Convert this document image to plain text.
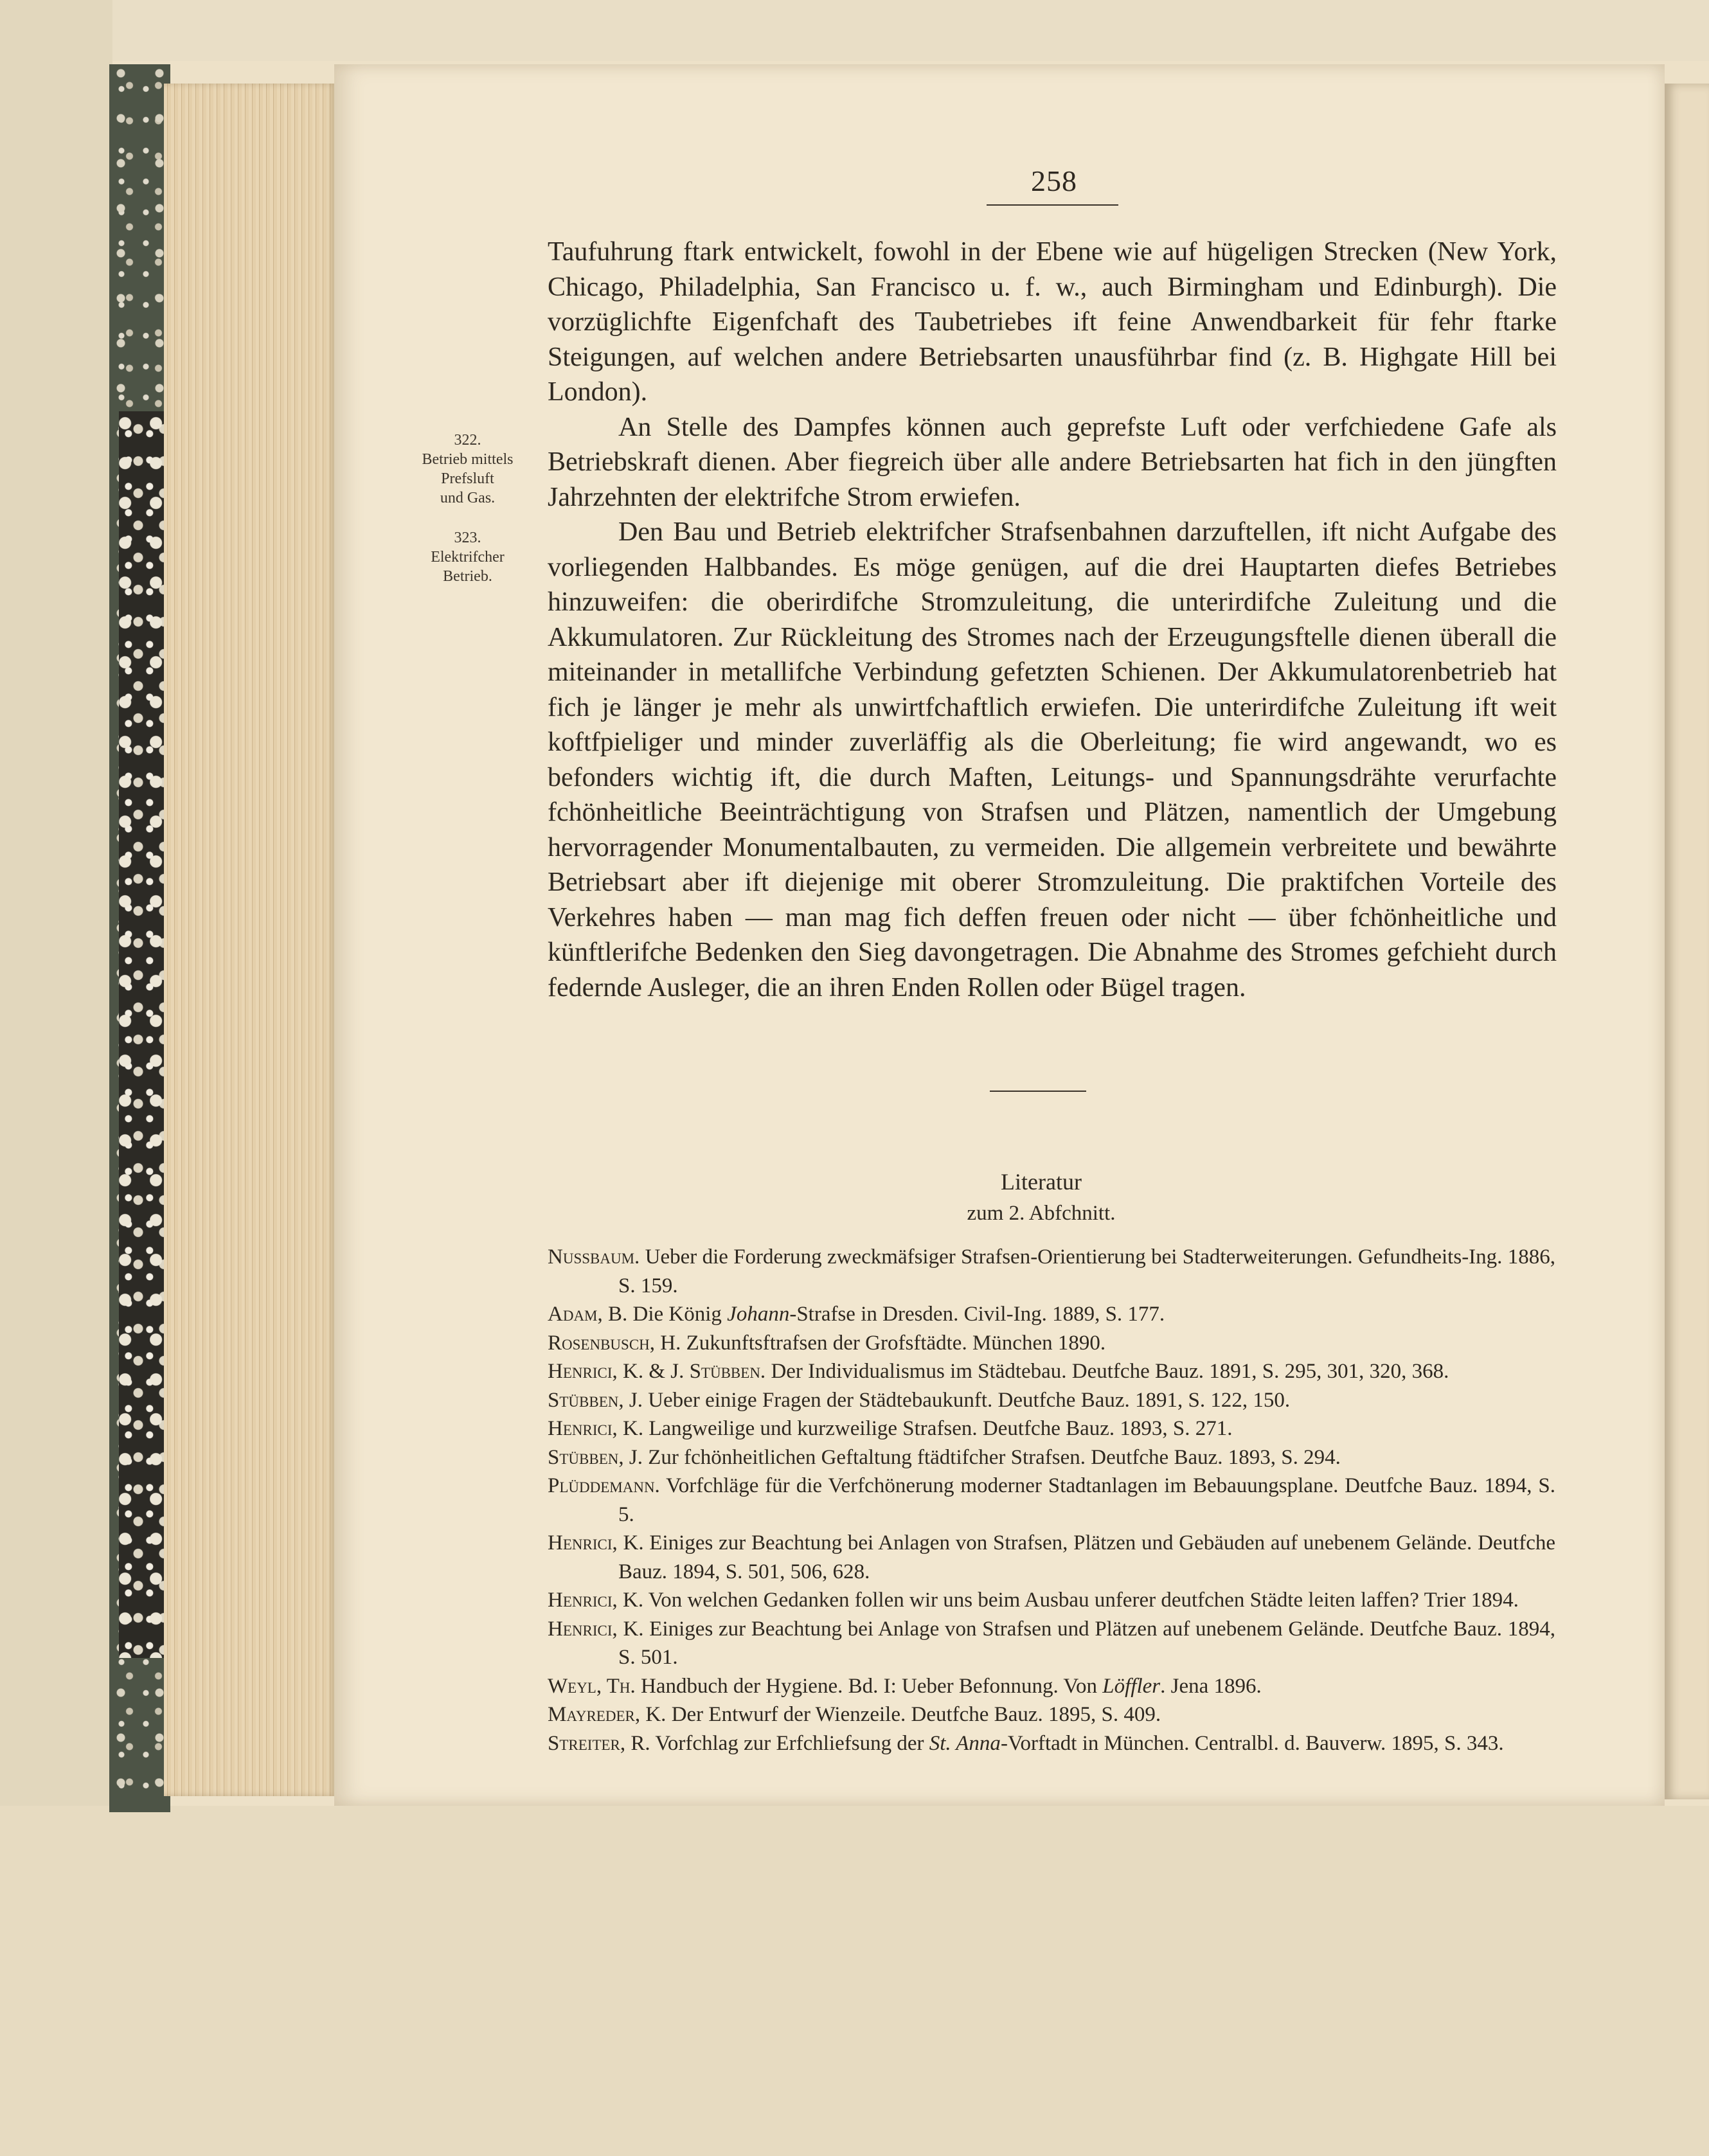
258
322.
Betrieb mittels
Prefsluft
und Gas.
323.
Elektrifcher
Betrieb.

Taufuhrung ftark entwickelt, fowohl in der Ebene wie auf hügeligen Strecken (New York, Chicago, Philadelphia, San Francisco u. f. w., auch Birmingham und Edinburgh). Die vorzüglichfte Eigenfchaft des Taubetriebes ift feine Anwendbarkeit für fehr ftarke Steigungen, auf welchen andere Betriebsarten unausführbar find (z. B. Highgate Hill bei London).

An Stelle des Dampfes können auch geprefste Luft oder verfchiedene Gafe als Betriebskraft dienen. Aber fiegreich über alle andere Betriebsarten hat fich in den jüngften Jahrzehnten der elektrifche Strom erwiefen.

Den Bau und Betrieb elektrifcher Strafsenbahnen darzuftellen, ift nicht Aufgabe des vorliegenden Halbbandes. Es möge genügen, auf die drei Hauptarten diefes Betriebes hinzuweifen: die oberirdifche Stromzuleitung, die unterirdifche Zuleitung und die Akkumulatoren. Zur Rückleitung des Stromes nach der Erzeugungsftelle dienen überall die miteinander in metallifche Verbindung gefetzten Schienen. Der Akkumulatorenbetrieb hat fich je länger je mehr als unwirtfchaftlich erwiefen. Die unterirdifche Zuleitung ift weit koftfpieliger und minder zuverläffig als die Oberleitung; fie wird angewandt, wo es befonders wichtig ift, die durch Maften, Leitungs- und Spannungsdrähte verurfachte fchönheitliche Beeinträchtigung von Strafsen und Plätzen, namentlich der Umgebung hervorragender Monumentalbauten, zu vermeiden. Die allgemein verbreitete und bewährte Betriebsart aber ift diejenige mit oberer Stromzuleitung. Die praktifchen Vorteile des Verkehres haben — man mag fich deffen freuen oder nicht — über fchönheitliche und künftlerifche Bedenken den Sieg davongetragen. Die Abnahme des Stromes gefchieht durch federnde Ausleger, die an ihren Enden Rollen oder Bügel tragen.

Literatur
zum 2. Abfchnitt.
Nussbaum. Ueber die Forderung zweckmäfsiger Strafsen-Orientierung bei Stadterweiterungen. Gefundheits-Ing. 1886, S. 159.
Adam, B. Die König Johann-Strafse in Dresden. Civil-Ing. 1889, S. 177.
Rosenbusch, H. Zukunftsftrafsen der Grofsftädte. München 1890.
Henrici, K. & J. Stübben. Der Individualismus im Städtebau. Deutfche Bauz. 1891, S. 295, 301, 320, 368.
Stübben, J. Ueber einige Fragen der Städtebaukunft. Deutfche Bauz. 1891, S. 122, 150.
Henrici, K. Langweilige und kurzweilige Strafsen. Deutfche Bauz. 1893, S. 271.
Stübben, J. Zur fchönheitlichen Geftaltung ftädtifcher Strafsen. Deutfche Bauz. 1893, S. 294.
Plüddemann. Vorfchläge für die Verfchönerung moderner Stadtanlagen im Bebauungsplane. Deutfche Bauz. 1894, S. 5.
Henrici, K. Einiges zur Beachtung bei Anlagen von Strafsen, Plätzen und Gebäuden auf unebenem Gelände. Deutfche Bauz. 1894, S. 501, 506, 628.
Henrici, K. Von welchen Gedanken follen wir uns beim Ausbau unferer deutfchen Städte leiten laffen? Trier 1894.
Henrici, K. Einiges zur Beachtung bei Anlage von Strafsen und Plätzen auf unebenem Gelände. Deutfche Bauz. 1894, S. 501.
Weyl, Th. Handbuch der Hygiene. Bd. I: Ueber Befonnung. Von Löffler. Jena 1896.
Mayreder, K. Der Entwurf der Wienzeile. Deutfche Bauz. 1895, S. 409.
Streiter, R. Vorfchlag zur Erfchliefsung der St. Anna-Vorftadt in München. Centralbl. d. Bauverw. 1895, S. 343.
